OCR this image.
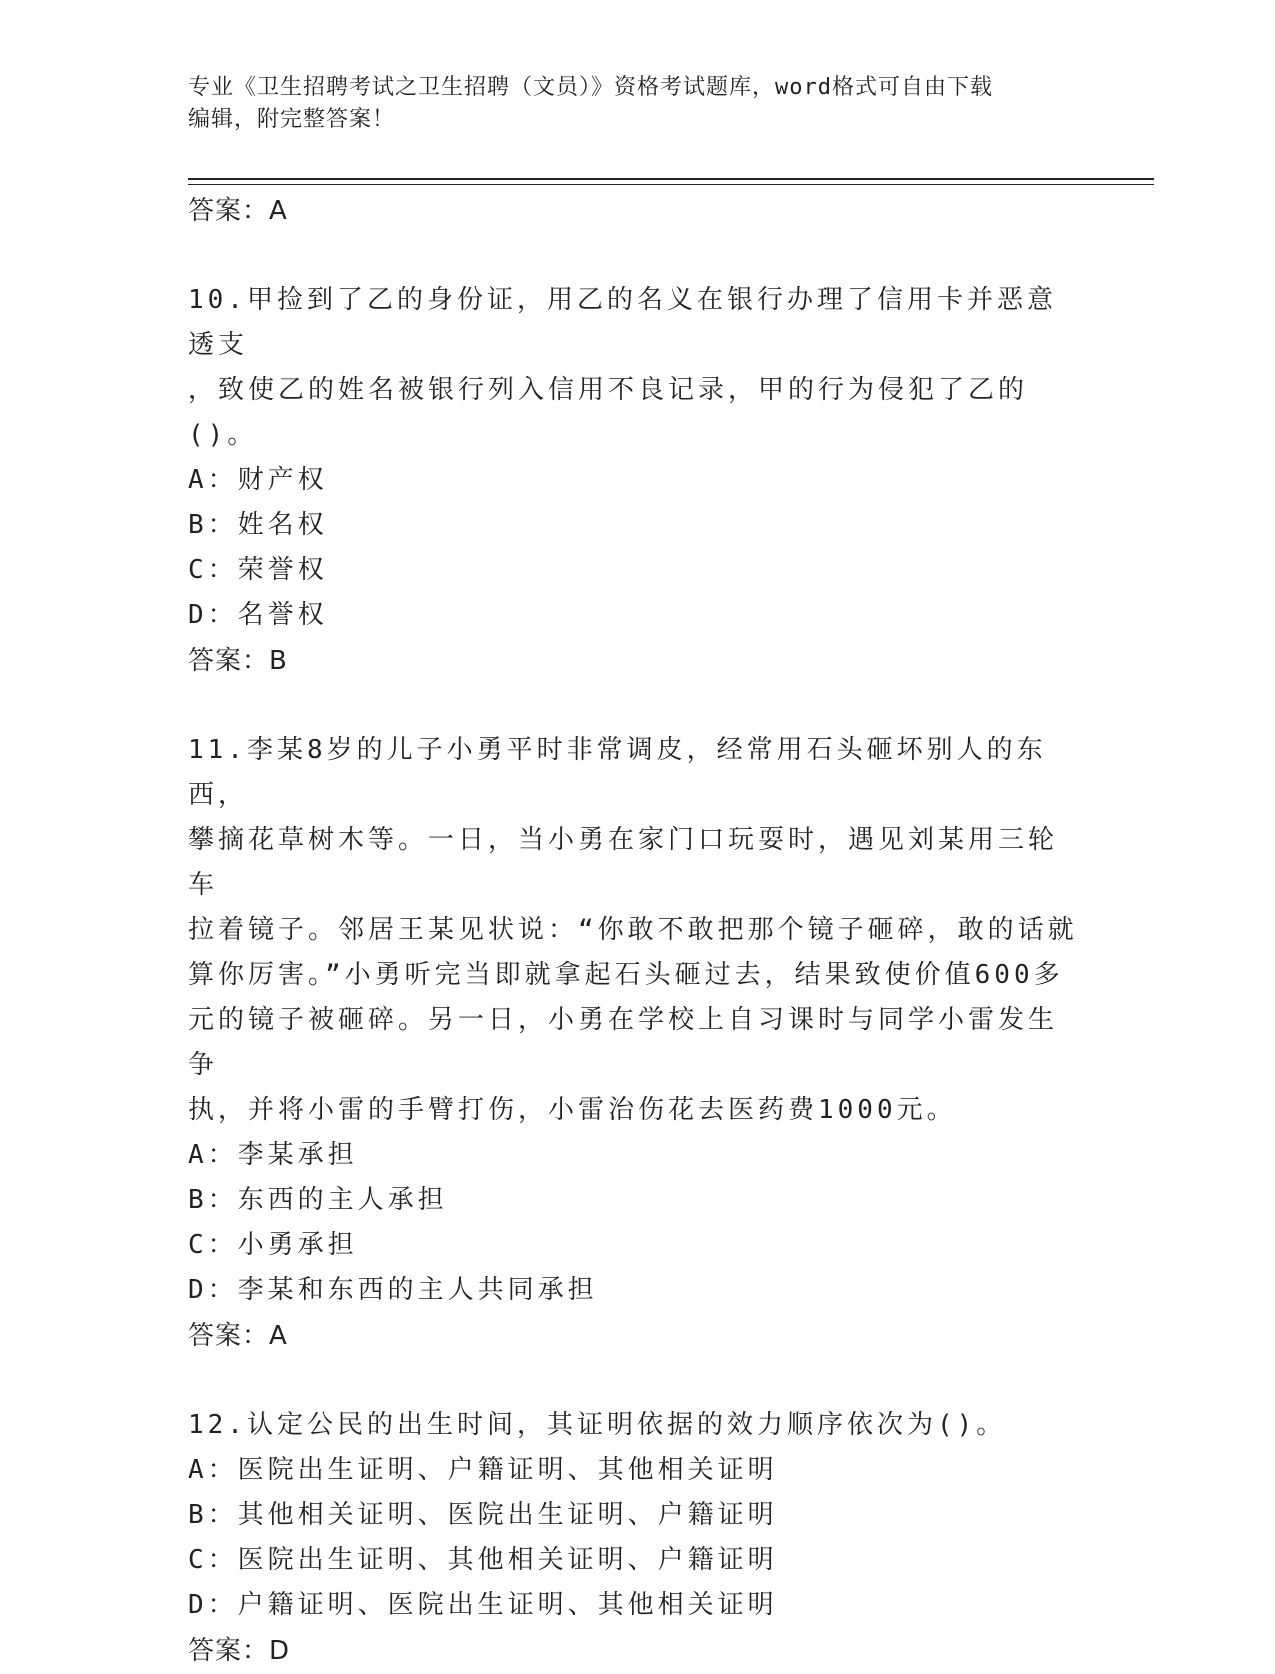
专业《卫生招聘考试之卫生招聘（文员）》资格考试题库，word格式可自由下载
编辑，附完整答案！
答案：A
10.甲捡到了乙的身份证，用乙的名义在银行办理了信用卡并恶意透支
，致使乙的姓名被银行列入信用不良记录，甲的行为侵犯了乙的()。
A：财产权
B：姓名权
C：荣誉权
D：名誉权
答案：B
11.李某8岁的儿子小勇平时非常调皮，经常用石头砸坏别人的东西，
攀摘花草树木等。一日，当小勇在家门口玩耍时，遇见刘某用三轮车
拉着镜子。邻居王某见状说：“你敢不敢把那个镜子砸碎，敢的话就
算你厉害。”小勇听完当即就拿起石头砸过去，结果致使价值600多
元的镜子被砸碎。另一日，小勇在学校上自习课时与同学小雷发生争
执，并将小雷的手臂打伤，小雷治伤花去医药费1000元。
A：李某承担
B：东西的主人承担
C：小勇承担
D：李某和东西的主人共同承担
答案：A
12.认定公民的出生时间，其证明依据的效力顺序依次为()。
A：医院出生证明、户籍证明、其他相关证明
B：其他相关证明、医院出生证明、户籍证明
C：医院出生证明、其他相关证明、户籍证明
D：户籍证明、医院出生证明、其他相关证明
答案：D
